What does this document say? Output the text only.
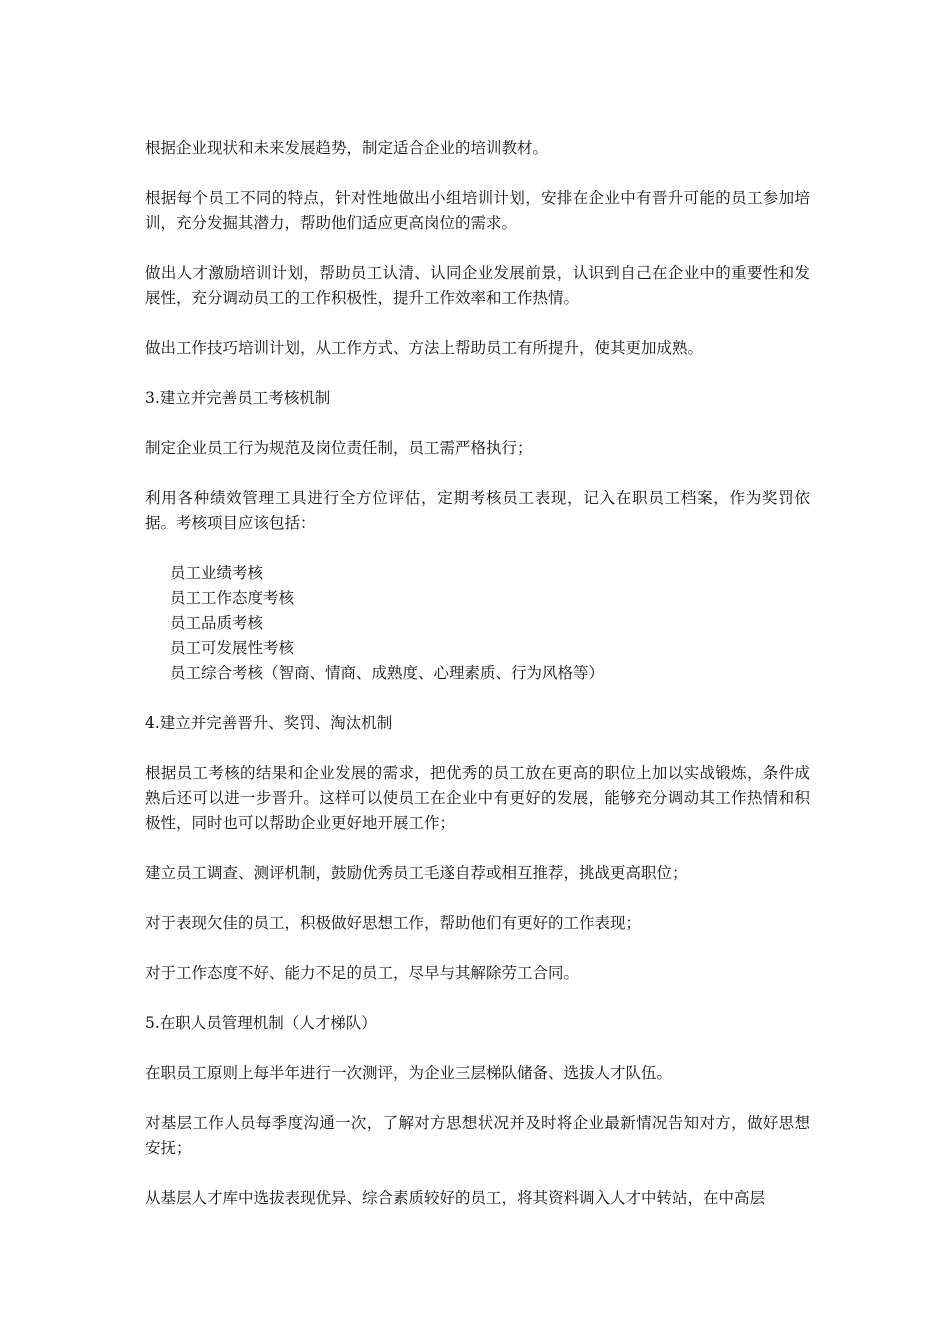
根据企业现状和未来发展趋势，制定适合企业的培训教材。

根据每个员工不同的特点，针对性地做出小组培训计划，安排在企业中有晋升可能的员工参加培训，充分发掘其潜力，帮助他们适应更高岗位的需求。

做出人才激励培训计划，帮助员工认清、认同企业发展前景，认识到自己在企业中的重要性和发展性，充分调动员工的工作积极性，提升工作效率和工作热情。

做出工作技巧培训计划，从工作方式、方法上帮助员工有所提升，使其更加成熟。

3.建立并完善员工考核机制

制定企业员工行为规范及岗位责任制，员工需严格执行；

利用各种绩效管理工具进行全方位评估，定期考核员工表现，记入在职员工档案，作为奖罚依据。考核项目应该包括：

员工业绩考核
员工工作态度考核
员工品质考核
员工可发展性考核
员工综合考核（智商、情商、成熟度、心理素质、行为风格等）

4.建立并完善晋升、奖罚、淘汰机制

根据员工考核的结果和企业发展的需求，把优秀的员工放在更高的职位上加以实战锻炼，条件成熟后还可以进一步晋升。这样可以使员工在企业中有更好的发展，能够充分调动其工作热情和积极性，同时也可以帮助企业更好地开展工作；

建立员工调查、测评机制，鼓励优秀员工毛遂自荐或相互推荐，挑战更高职位；

对于表现欠佳的员工，积极做好思想工作，帮助他们有更好的工作表现；

对于工作态度不好、能力不足的员工，尽早与其解除劳工合同。

5.在职人员管理机制（人才梯队）

在职员工原则上每半年进行一次测评，为企业三层梯队储备、选拔人才队伍。

对基层工作人员每季度沟通一次，了解对方思想状况并及时将企业最新情况告知对方，做好思想安抚；

从基层人才库中选拔表现优异、综合素质较好的员工，将其资料调入人才中转站，在中高层
